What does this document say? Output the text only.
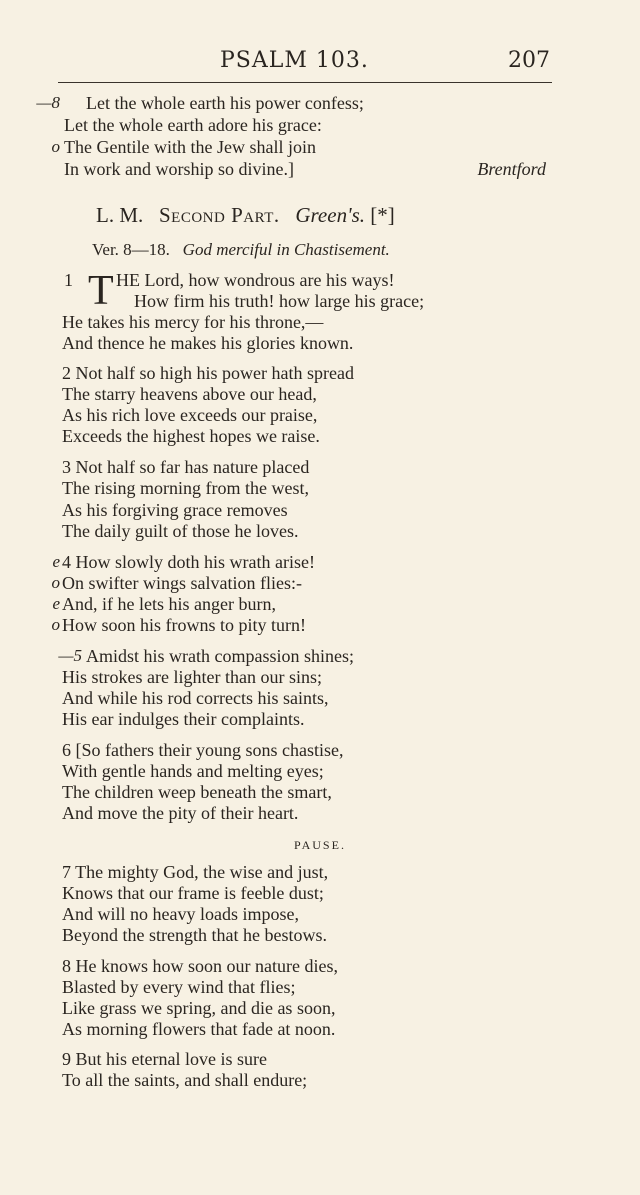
PSALM 103.	207
—8 Let the whole earth his power confess;
Let the whole earth adore his grace:
o The Gentile with the Jew shall join
In work and worship so divine.]	Brentford
L. M. Second Part. Green's. [*]
Ver. 8—18. God merciful in Chastisement.
1 T HE Lord, how wondrous are his ways!
How firm his truth! how large his grace;
He takes his mercy for his throne,—
And thence he makes his glories known.
2 Not half so high his power hath spread
The starry heavens above our head,
As his rich love exceeds our praise,
Exceeds the highest hopes we raise.
3 Not half so far has nature placed
The rising morning from the west,
As his forgiving grace removes
The daily guilt of those he loves.
e 4 How slowly doth his wrath arise!
o On swifter wings salvation flies:-
e And, if he lets his anger burn,
o How soon his frowns to pity turn!
—5 Amidst his wrath compassion shines;
His strokes are lighter than our sins;
And while his rod corrects his saints,
His ear indulges their complaints.
6 [So fathers their young sons chastise,
With gentle hands and melting eyes;
The children weep beneath the smart,
And move the pity of their heart.
PAUSE.
7 The mighty God, the wise and just,
Knows that our frame is feeble dust;
And will no heavy loads impose,
Beyond the strength that he bestows.
8 He knows how soon our nature dies,
Blasted by every wind that flies;
Like grass we spring, and die as soon,
As morning flowers that fade at noon.
9 But his eternal love is sure
To all the saints, and shall endure;
